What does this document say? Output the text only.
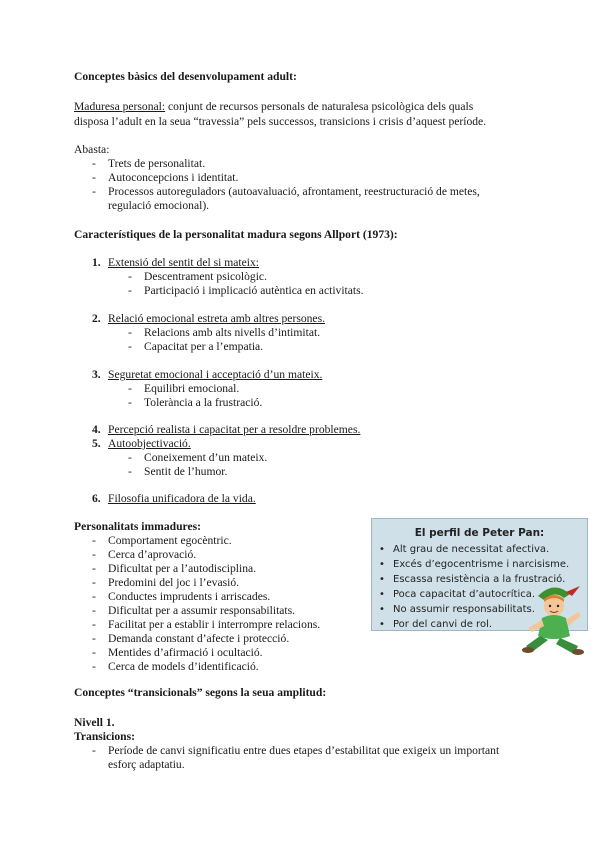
Conceptes bàsics del desenvolupament adult:
Maduresa personal: conjunt de recursos personals de naturalesa psicològica dels quals
disposa l’adult en la seua “travessia” pels successos, transicions i crisis d’aquest període.
Abasta:
- Trets de personalitat.
- Autoconcepcions i identitat.
- Processos autoreguladors (autoavaluació, afrontament, reestructuració de metes,
regulació emocional).
Característiques de la personalitat madura segons Allport (1973):
1. Extensió del sentit del si mateix:
- Descentrament psicològic.
- Participació i implicació autèntica en activitats.
2. Relació emocional estreta amb altres persones.
- Relacions amb alts nivells d’intimitat.
- Capacitat per a l’empatia.
3. Seguretat emocional i acceptació d’un mateix.
- Equilibri emocional.
- Tolerància a la frustració.
4. Percepció realista i capacitat per a resoldre problemes.
5. Autoobjectivació.
- Coneixement d’un mateix.
- Sentit de l’humor.
6. Filosofia unificadora de la vida.
Personalitats immadures:
- Comportament egocèntric.
- Cerca d’aprovació.
- Dificultat per a l’autodisciplina.
- Predomini del joc i l’evasió.
- Conductes imprudents i arriscades.
- Dificultat per a assumir responsabilitats.
- Facilitat per a establir i interrompre relacions.
- Demanda constant d’afecte i protecció.
- Mentides d’afirmació i ocultació.
- Cerca de models d’identificació.
El perfil de Peter Pan:
• Alt grau de necessitat afectiva.
• Excés d’egocentrisme i narcisisme.
• Escassa resistència a la frustració.
• Poca capacitat d’autocrítica.
• No assumir responsabilitats.
• Por del canvi de rol.
Conceptes “transicionals” segons la seua amplitud:
Nivell 1.
Transicions:
- Període de canvi significatiu entre dues etapes d’estabilitat que exigeix un important
esforç adaptatiu.
